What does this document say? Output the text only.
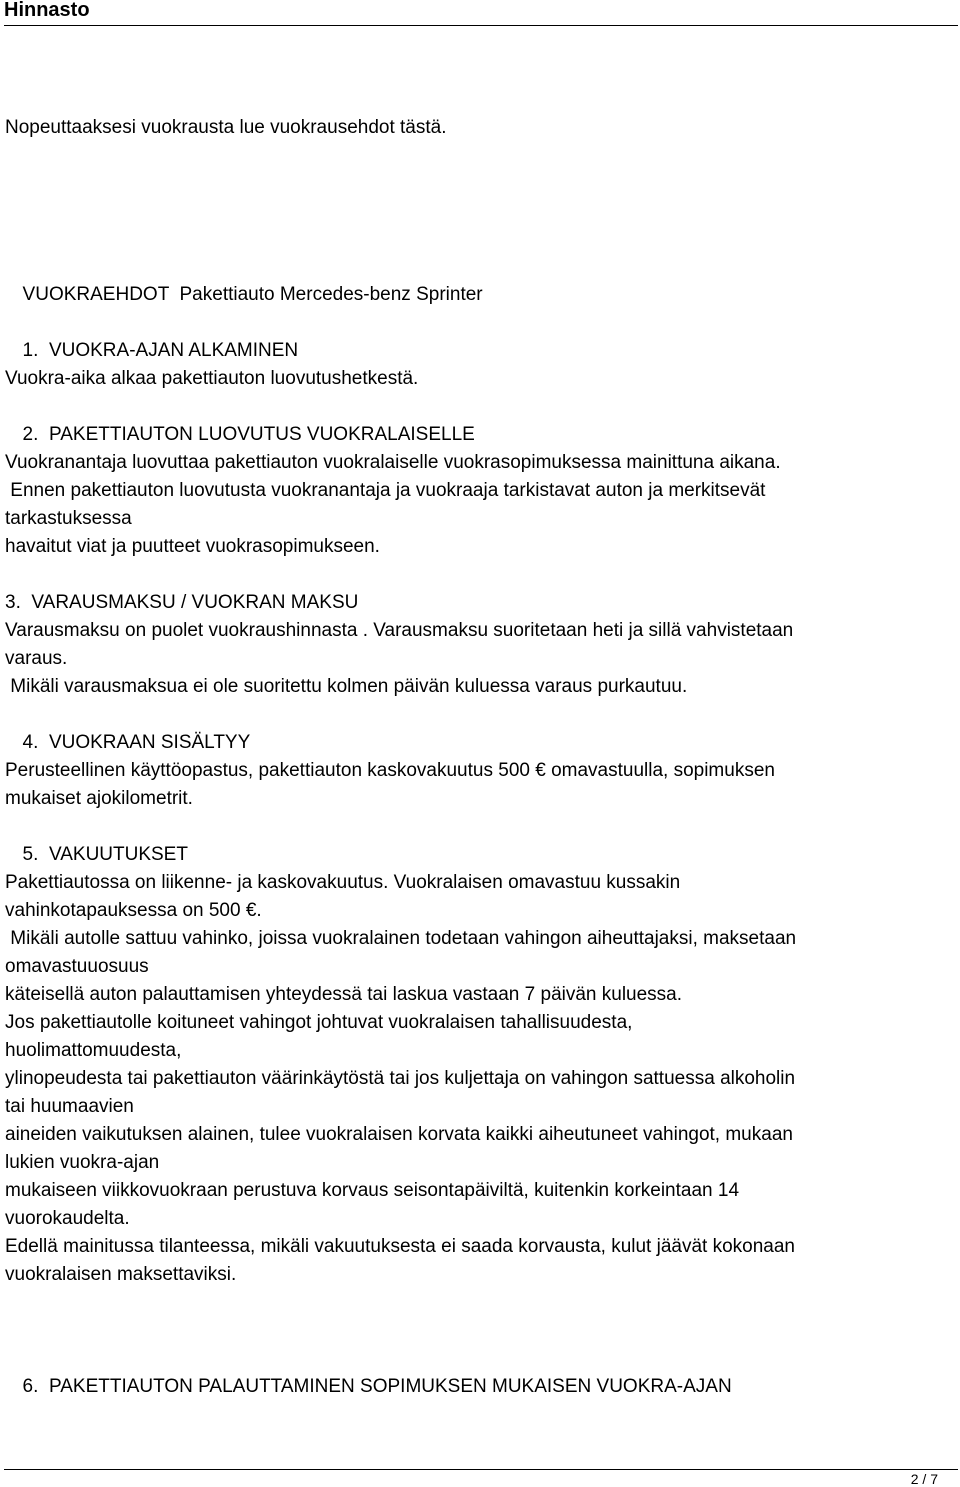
Hinnasto
Nopeuttaaksesi vuokrausta lue vuokrausehdot tästä.
VUOKRAEHDOT  Pakettiauto Mercedes-benz Sprinter
1.  VUOKRA-AJAN ALKAMINEN
Vuokra-aika alkaa pakettiauton luovutushetkestä.
2.  PAKETTIAUTON LUOVUTUS VUOKRALAISELLE
Vuokranantaja luovuttaa pakettiauton vuokralaiselle vuokrasopimuksessa mainittuna aikana.
Ennen pakettiauton luovutusta vuokranantaja ja vuokraaja tarkistavat auton ja merkitsevät
tarkastuksessa
havaitut viat ja puutteet vuokrasopimukseen.
3.  VARAUSMAKSU / VUOKRAN MAKSU
Varausmaksu on puolet vuokraushinnasta . Varausmaksu suoritetaan heti ja sillä vahvistetaan
varaus.
Mikäli varausmaksua ei ole suoritettu kolmen päivän kuluessa varaus purkautuu.
4.  VUOKRAAN SISÄLTYY
Perusteellinen käyttöopastus, pakettiauton kaskovakuutus 500 € omavastuulla, sopimuksen
mukaiset ajokilometrit.
5.  VAKUUTUKSET
Pakettiautossa on liikenne- ja kaskovakuutus. Vuokralaisen omavastuu kussakin
vahinkotapauksessa on 500 €.
Mikäli autolle sattuu vahinko, joissa vuokralainen todetaan vahingon aiheuttajaksi, maksetaan
omavastuuosuus
käteisellä auton palauttamisen yhteydessä tai laskua vastaan 7 päivän kuluessa.
Jos pakettiautolle koituneet vahingot johtuvat vuokralaisen tahallisuudesta,
huolimattomuudesta,
ylinopeudesta tai pakettiauton väärinkäytöstä tai jos kuljettaja on vahingon sattuessa alkoholin
tai huumaavien
aineiden vaikutuksen alainen, tulee vuokralaisen korvata kaikki aiheutuneet vahingot, mukaan
lukien vuokra-ajan
mukaiseen viikkovuokraan perustuva korvaus seisontapäiviltä, kuitenkin korkeintaan 14
vuorokaudelta.
Edellä mainitussa tilanteessa, mikäli vakuutuksesta ei saada korvausta, kulut jäävät kokonaan
vuokralaisen maksettaviksi.
6.  PAKETTIAUTON PALAUTTAMINEN SOPIMUKSEN MUKAISEN VUOKRA-AJAN
2 / 7
